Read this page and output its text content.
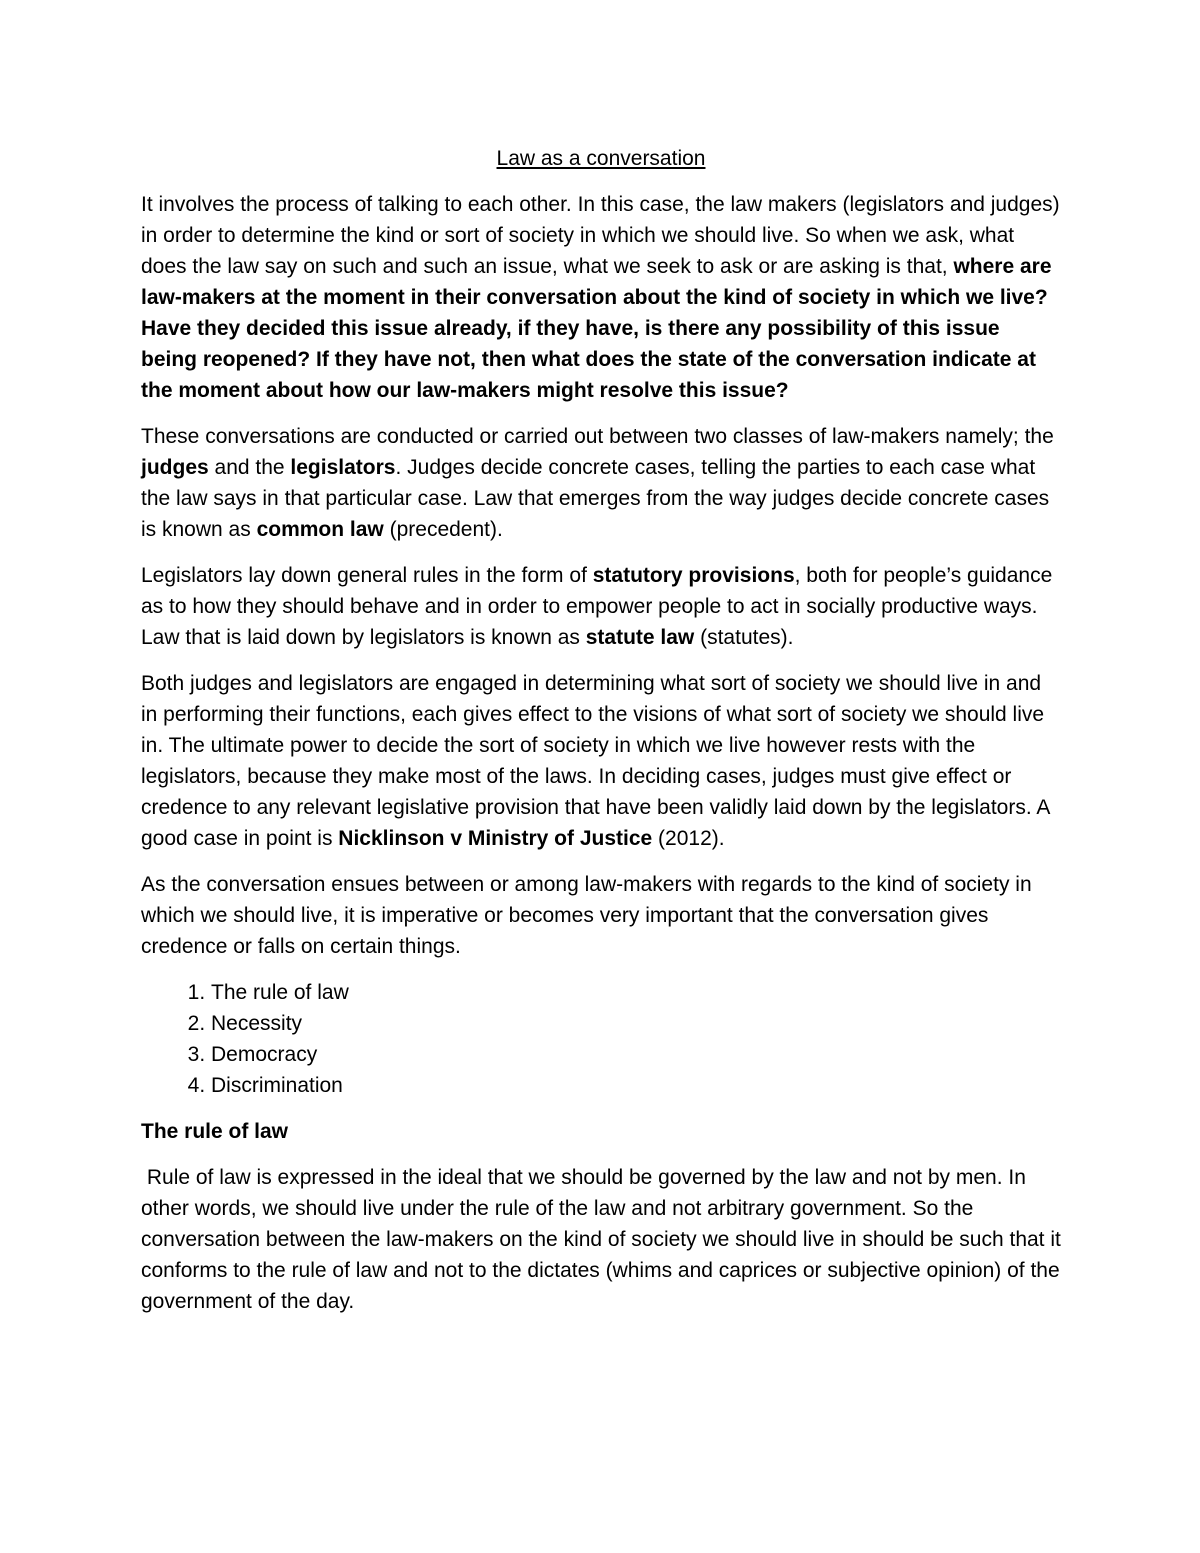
Law as a conversation

It involves the process of talking to each other. In this case, the law makers (legislators and judges) in order to determine the kind or sort of society in which we should live. So when we ask, what does the law say on such and such an issue, what we seek to ask or are asking is that, where are law-makers at the moment in their conversation about the kind of society in which we live? Have they decided this issue already, if they have, is there any possibility of this issue being reopened? If they have not, then what does the state of the conversation indicate at the moment about how our law-makers might resolve this issue?

These conversations are conducted or carried out between two classes of law-makers namely; the judges and the legislators. Judges decide concrete cases, telling the parties to each case what the law says in that particular case. Law that emerges from the way judges decide concrete cases is known as common law (precedent).

Legislators lay down general rules in the form of statutory provisions, both for people’s guidance as to how they should behave and in order to empower people to act in socially productive ways. Law that is laid down by legislators is known as statute law (statutes).

Both judges and legislators are engaged in determining what sort of society we should live in and in performing their functions, each gives effect to the visions of what sort of society we should live in. The ultimate power to decide the sort of society in which we live however rests with the legislators, because they make most of the laws. In deciding cases, judges must give effect or credence to any relevant legislative provision that have been validly laid down by the legislators. A good case in point is Nicklinson v Ministry of Justice (2012).

As the conversation ensues between or among law-makers with regards to the kind of society in which we should live, it is imperative or becomes very important that the conversation gives credence or falls on certain things.

1. The rule of law
2. Necessity
3. Democracy
4. Discrimination
The rule of law

Rule of law is expressed in the ideal that we should be governed by the law and not by men. In other words, we should live under the rule of the law and not arbitrary government. So the conversation between the law-makers on the kind of society we should live in should be such that it conforms to the rule of law and not to the dictates (whims and caprices or subjective opinion) of the government of the day.
